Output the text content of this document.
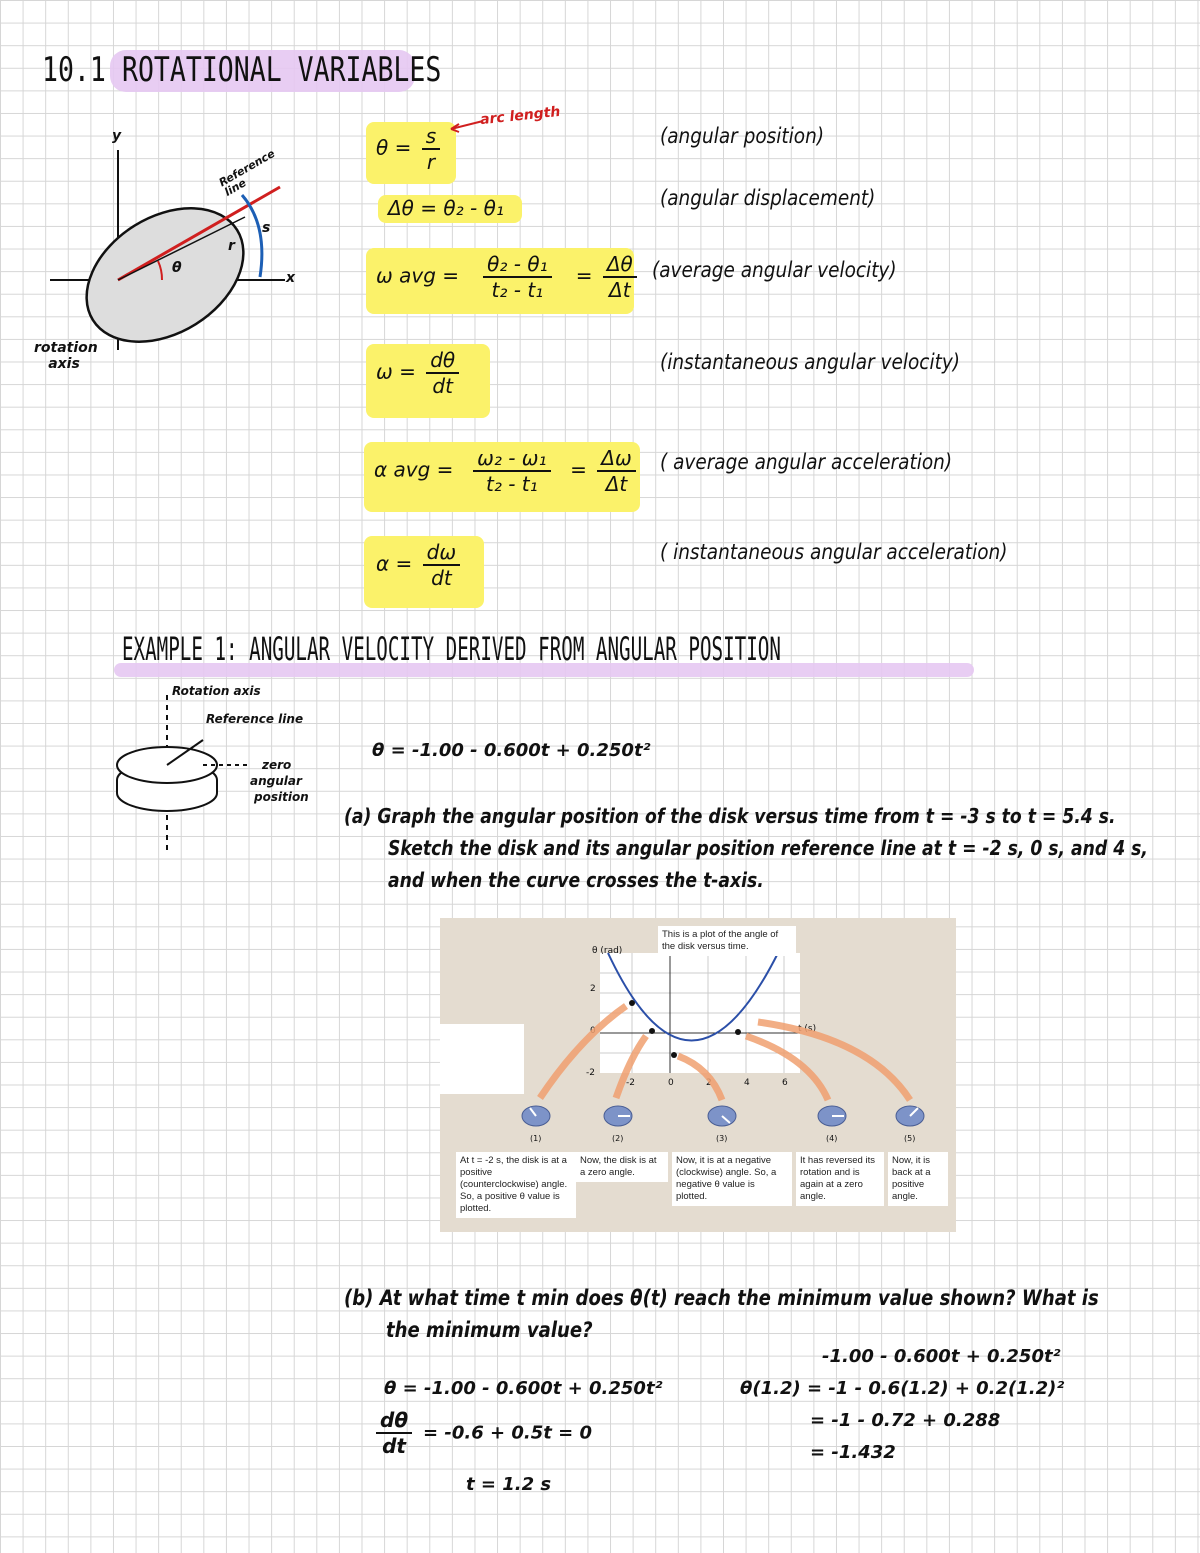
10.1 ROTATIONAL VARIABLES
y
x
θ
r
s
Reference line
rotation axis
$\theta = \frac{s}{r}$
arc length
(angular position)
Δθ = θ₂ - θ₁	(angular displacement)
ω avg = $\frac{\text{θ₂ - θ₁}}{\text{t₂ - t₁}} = \frac{\Delta\theta}{\Delta t}$ (average angular velocity)
$\omega = \frac{d\theta}{dt}$	(instantaneous angular velocity)
α avg = $\frac{\text{ω₂ - ω₁}}{\text{t₂ - t₁}} = \frac{\Delta\omega}{\Delta t}$ ( average angular acceleration)
$\alpha = \frac{d\omega}{dt}$	( instantaneous angular acceleration)
EXAMPLE 1: ANGULAR VELOCITY DERIVED FROM ANGULAR POSITION
Rotation axis
Reference line
zero
angular
position
θ = -1.00 - 0.600t + 0.250t²
(a) Graph the angular position of the disk versus time from t = -3 s to t = 5.4 s.
Sketch the disk and its angular position reference line at t = -2 s, 0 s, and 4 s,
and when the curve crosses the t-axis.
This is a plot of the angle of the disk versus time.
θ (rad)
t (s)
-2	0	2	4	6
2
0
-2
(1)	(2)	(3)	(4)	(5)
At t = -2 s, the disk is at a positive (counterclockwise) angle. So, a positive θ value is plotted.
Now, the disk is at a zero angle.
Now, it is at a negative (clockwise) angle. So, a negative θ value is plotted.
It has reversed its rotation and is again at a zero angle.
Now, it is back at a positive angle.
(b) At what time t min does θ(t) reach the minimum value shown? What is
the minimum value?
θ = -1.00 - 0.600t + 0.250t²
$\frac{d\theta}{dt} = -0.6 + 0.5t = 0$
t = 1.2 s
-1.00 - 0.600t + 0.250t²
θ(1.2) = -1 - 0.6(1.2) + 0.2(1.2)²
= -1 - 0.72 + 0.288
= -1.432
